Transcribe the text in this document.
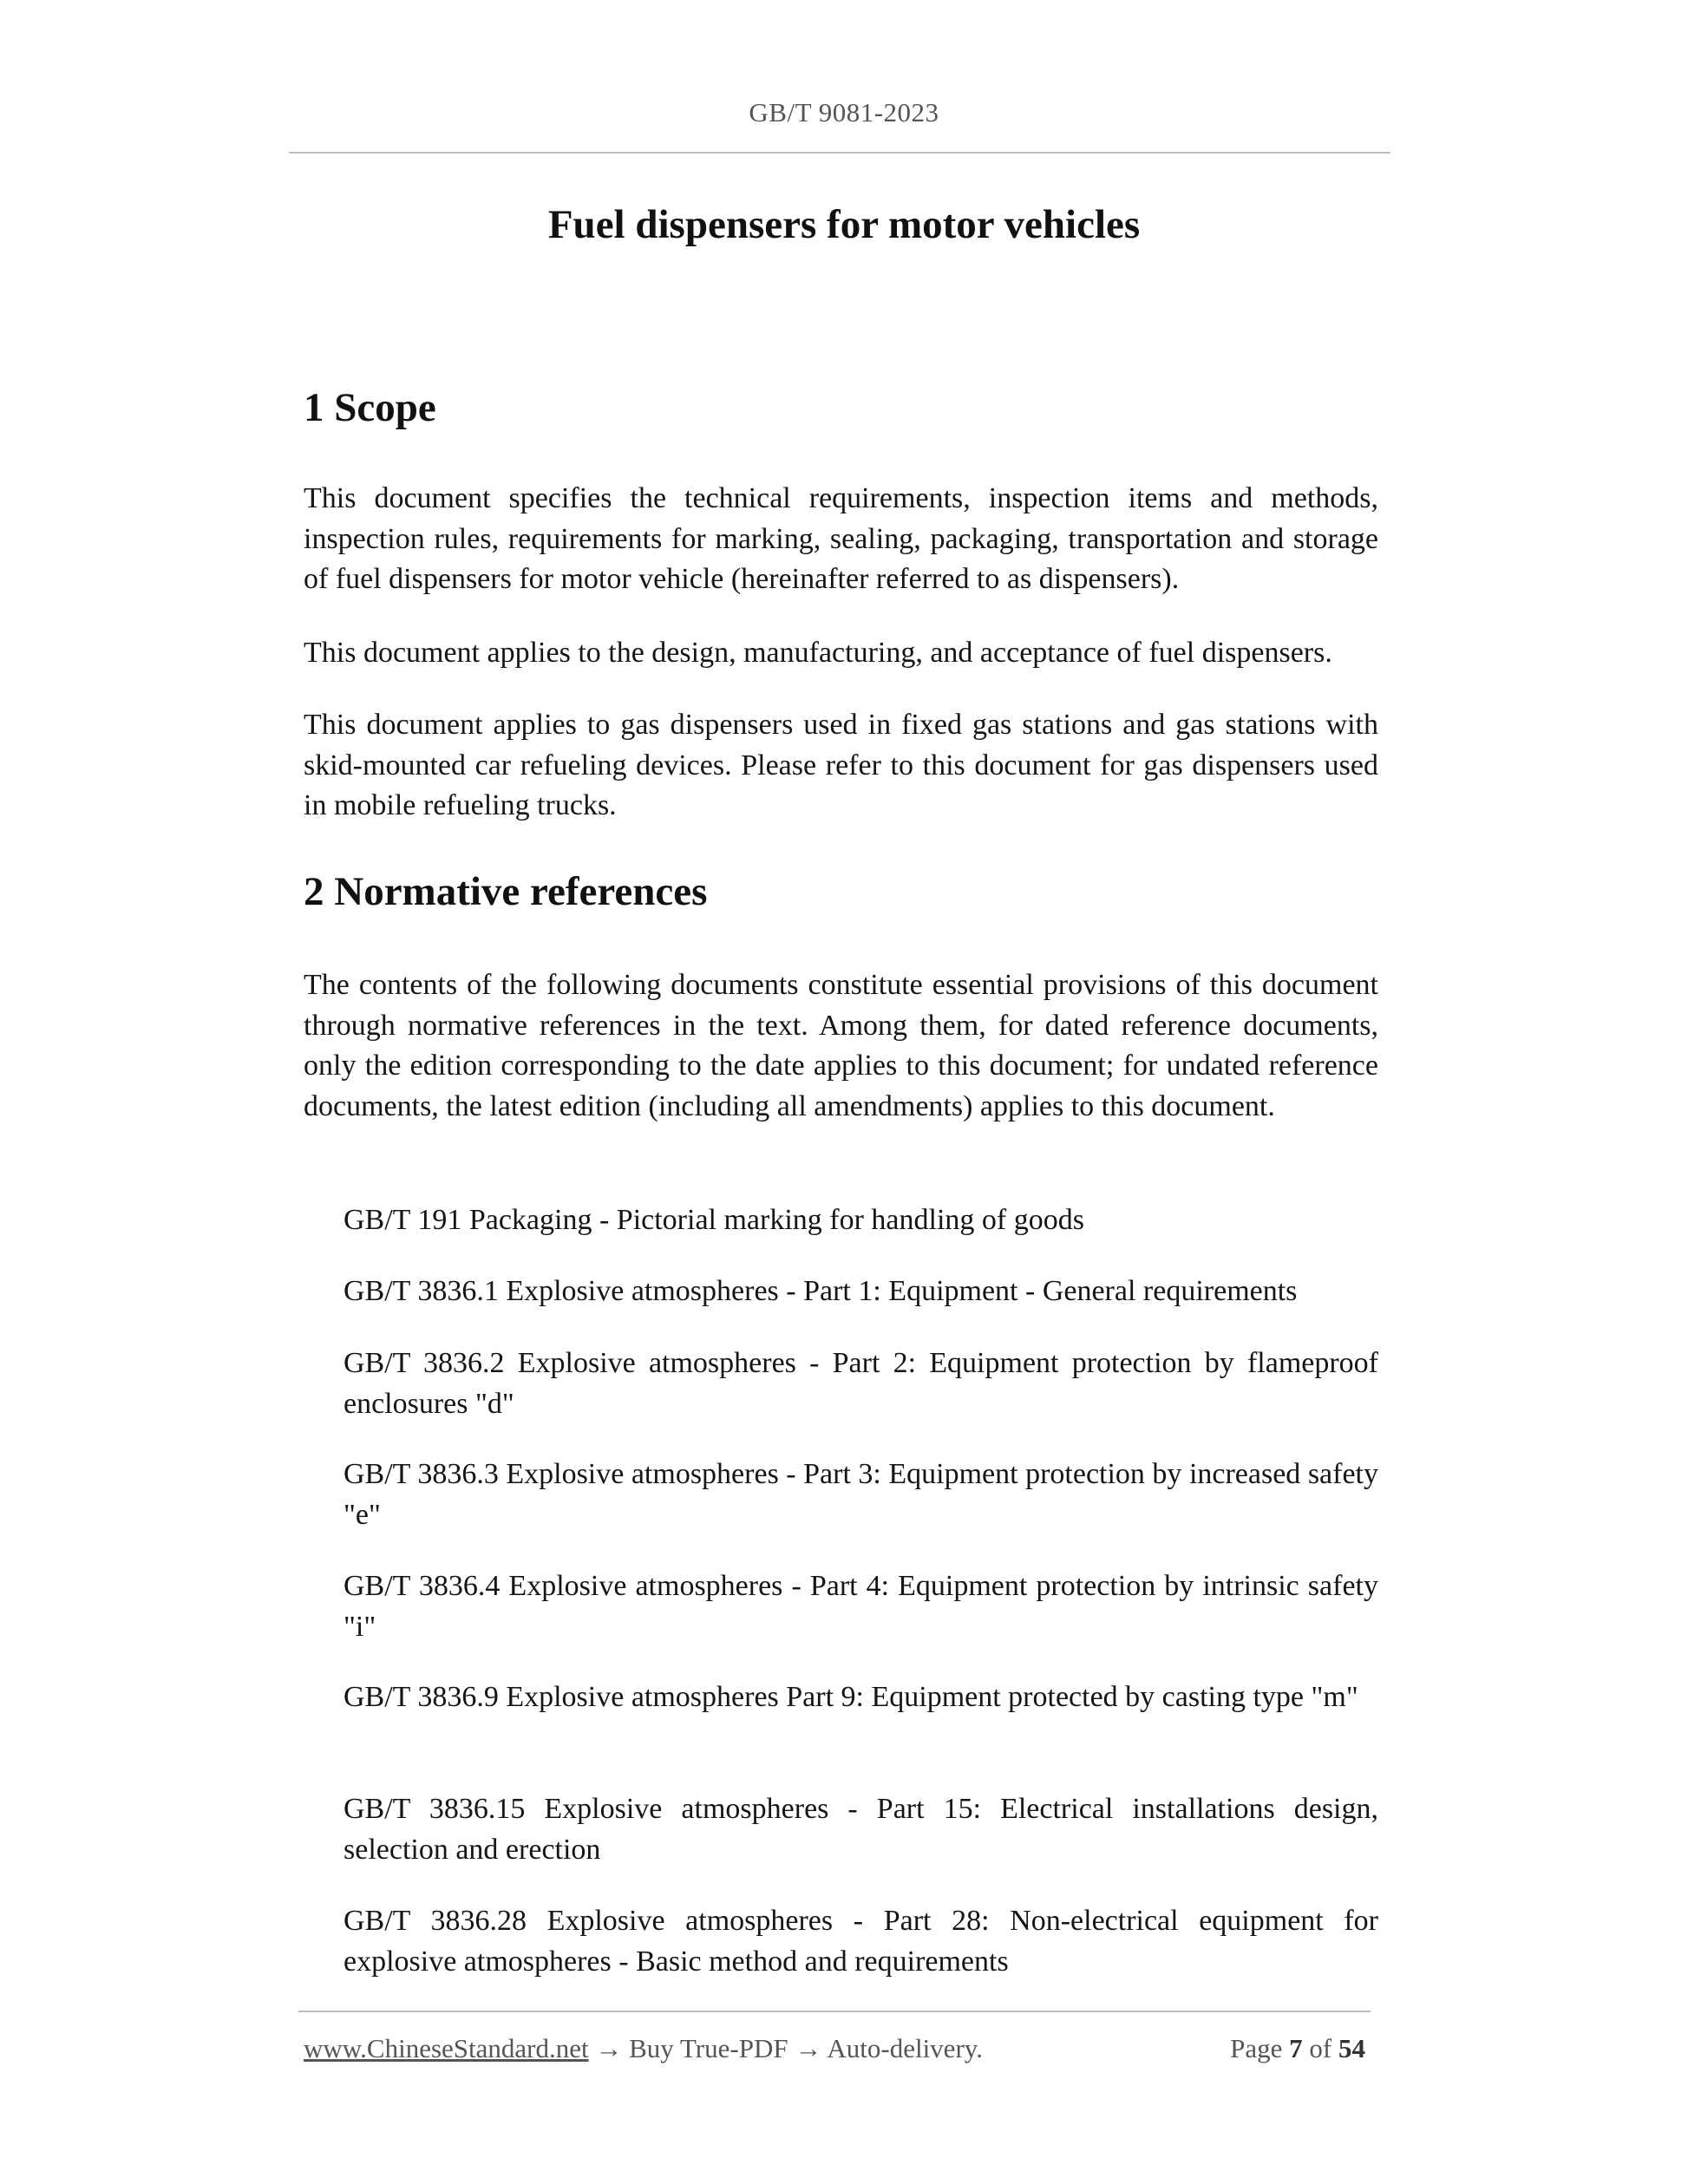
GB/T 9081-2023
Fuel dispensers for motor vehicles
1 Scope
This document specifies the technical requirements, inspection items and methods, inspection rules, requirements for marking, sealing, packaging, transportation and storage of fuel dispensers for motor vehicle (hereinafter referred to as dispensers).
This document applies to the design, manufacturing, and acceptance of fuel dispensers.
This document applies to gas dispensers used in fixed gas stations and gas stations with skid-mounted car refueling devices. Please refer to this document for gas dispensers used in mobile refueling trucks.
2 Normative references
The contents of the following documents constitute essential provisions of this document through normative references in the text. Among them, for dated reference documents, only the edition corresponding to the date applies to this document; for undated reference documents, the latest edition (including all amendments) applies to this document.
GB/T 191 Packaging - Pictorial marking for handling of goods
GB/T 3836.1 Explosive atmospheres - Part 1: Equipment - General requirements
GB/T 3836.2 Explosive atmospheres - Part 2: Equipment protection by flameproof enclosures "d"
GB/T 3836.3 Explosive atmospheres - Part 3: Equipment protection by increased safety "e"
GB/T 3836.4 Explosive atmospheres - Part 4: Equipment protection by intrinsic safety "i"
GB/T 3836.9 Explosive atmospheres Part 9: Equipment protected by casting type "m"
GB/T 3836.15 Explosive atmospheres - Part 15: Electrical installations design, selection and erection
GB/T 3836.28 Explosive atmospheres - Part 28: Non-electrical equipment for explosive atmospheres - Basic method and requirements
www.ChineseStandard.net → Buy True-PDF → Auto-delivery.	Page 7 of 54
